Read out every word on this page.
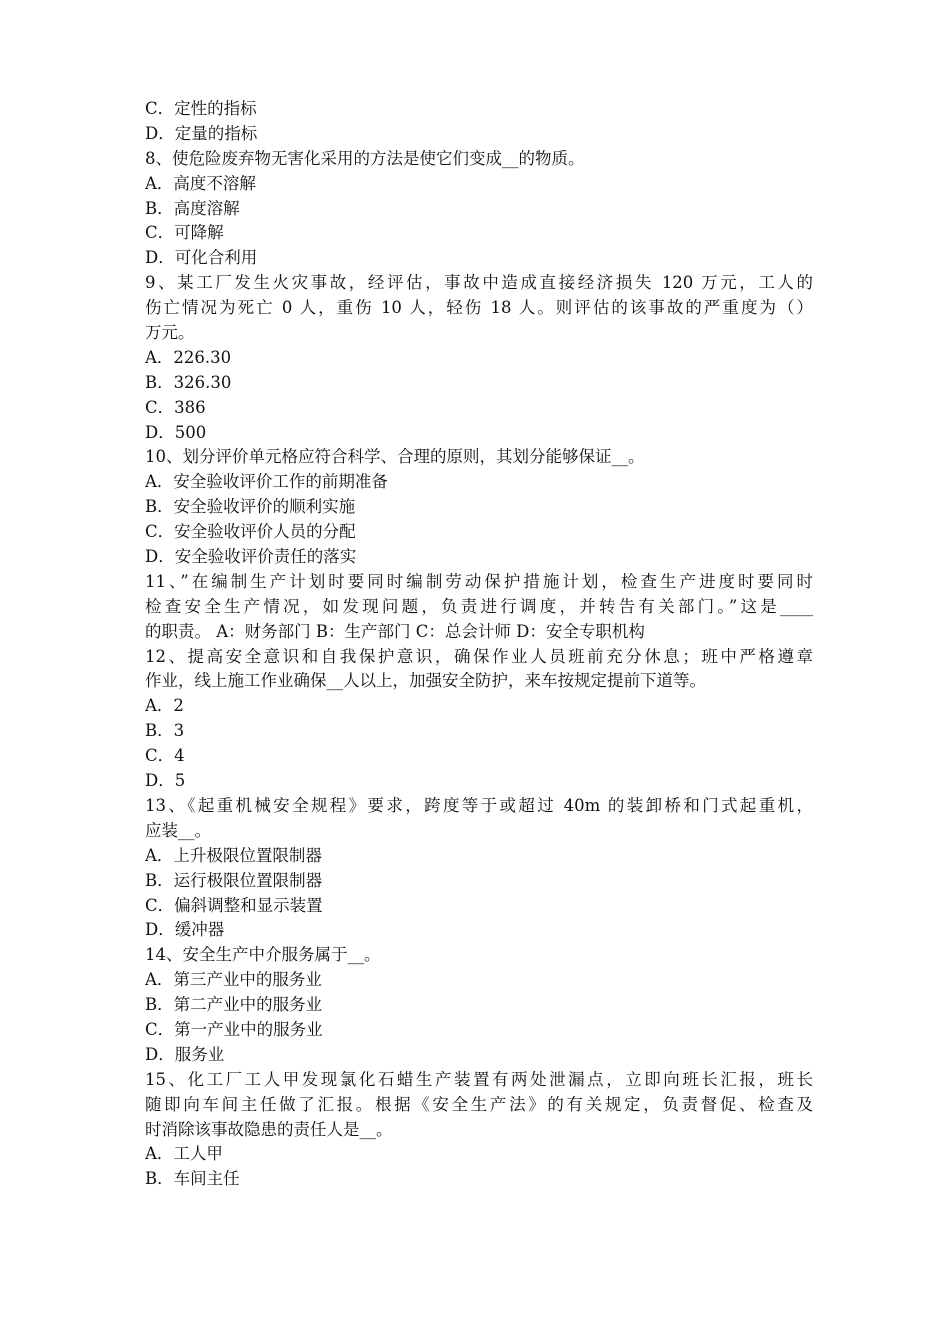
C．定性的指标
D．定量的指标
8、使危险废弃物无害化采用的方法是使它们变成__的物质。
A．高度不溶解
B．高度溶解
C．可降解
D．可化合利用
9、某工厂发生火灾事故，经评估，事故中造成直接经济损失 120 万元，工人的
伤亡情况为死亡 0 人，重伤 10 人，轻伤 18 人。则评估的该事故的严重度为（）
万元。
A．226.30
B．326.30
C．386
D．500
10、划分评价单元格应符合科学、合理的原则，其划分能够保证__。
A．安全验收评价工作的前期准备
B．安全验收评价的顺利实施
C．安全验收评价人员的分配
D．安全验收评价责任的落实
11、”在编制生产计划时要同时编制劳动保护措施计划，检查生产进度时要同时
检查安全生产情况，如发现问题，负责进行调度，并转告有关部门。”这是____
的职责。 A：财务部门 B：生产部门 C：总会计师 D：安全专职机构
12、提高安全意识和自我保护意识，确保作业人员班前充分休息；班中严格遵章
作业，线上施工作业确保__人以上，加强安全防护，来车按规定提前下道等。
A．2
B．3
C．4
D．5
13、《起重机械安全规程》要求，跨度等于或超过 40m 的装卸桥和门式起重机，
应装__。
A．上升极限位置限制器
B．运行极限位置限制器
C．偏斜调整和显示装置
D．缓冲器
14、安全生产中介服务属于__。
A．第三产业中的服务业
B．第二产业中的服务业
C．第一产业中的服务业
D．服务业
15、化工厂工人甲发现氯化石蜡生产装置有两处泄漏点，立即向班长汇报，班长
随即向车间主任做了汇报。根据《安全生产法》的有关规定，负责督促、检查及
时消除该事故隐患的责任人是__。
A．工人甲
B．车间主任
